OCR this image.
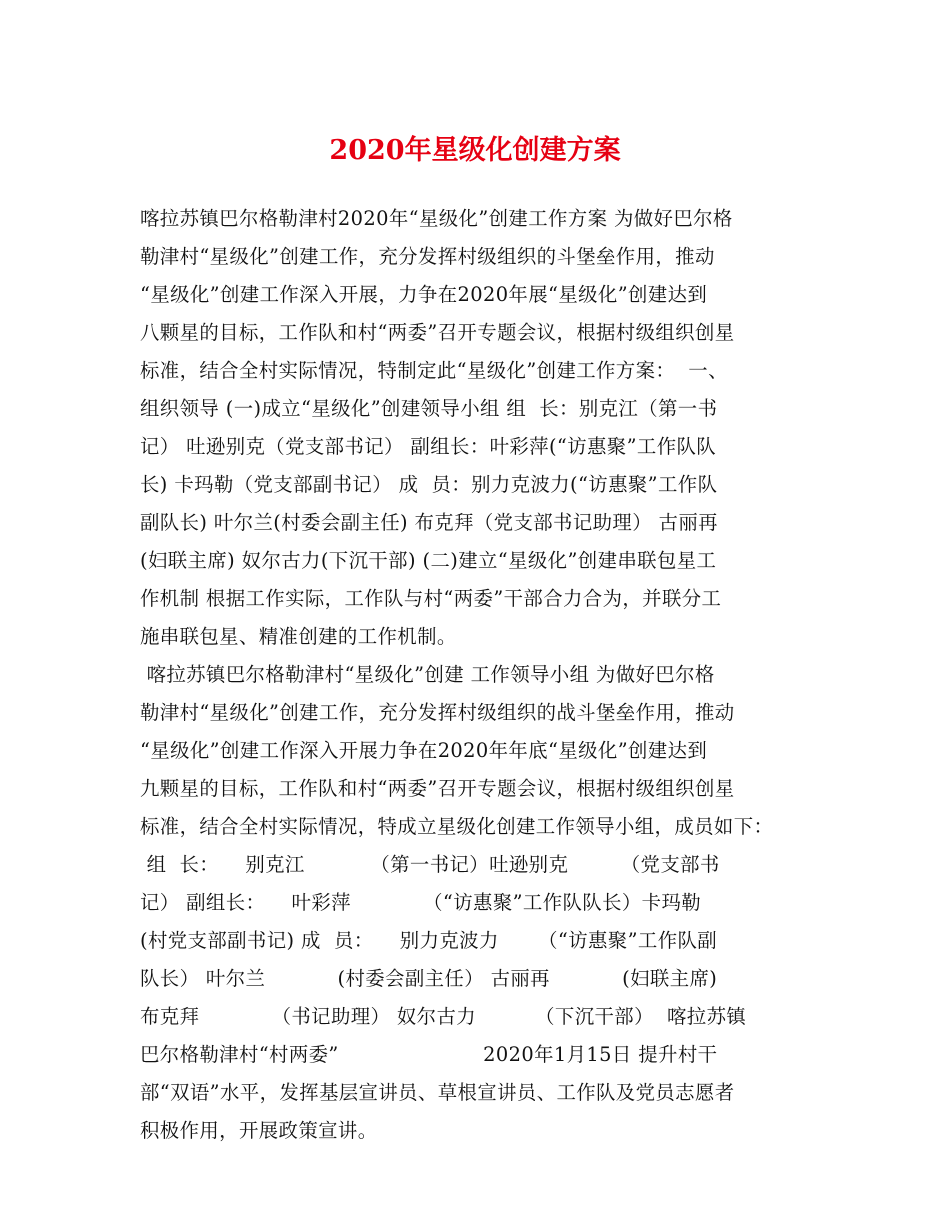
2020年星级化创建方案
喀拉苏镇巴尔格勒津村2020年“星级化”创建工作方案 为做好巴尔格
勒津村“星级化”创建工作，充分发挥村级组织的斗堡垒作用，推动
“星级化”创建工作深入开展，力争在2020年展“星级化”创建达到
八颗星的目标，工作队和村“两委”召开专题会议，根据村级组织创星
标准，结合全村实际情况，特制定此“星级化”创建工作方案：  一、
组织领导 (一)成立“星级化”创建领导小组 组  长：别克江（第一书
记） 吐逊别克（党支部书记） 副组长：叶彩萍(“访惠聚”工作队队
长) 卡玛勒（党支部副书记） 成  员：别力克波力(“访惠聚”工作队
副队长) 叶尔兰(村委会副主任) 布克拜（党支部书记助理） 古丽再
(妇联主席) 奴尔古力(下沉干部) (二)建立“星级化”创建串联包星工
作机制 根据工作实际，工作队与村“两委”干部合力合为，并联分工
施串联包星、精准创建的工作机制。
喀拉苏镇巴尔格勒津村“星级化”创建 工作领导小组 为做好巴尔格
勒津村“星级化”创建工作，充分发挥村级组织的战斗堡垒作用，推动
“星级化”创建工作深入开展力争在2020年年底“星级化”创建达到
九颗星的目标，工作队和村“两委”召开专题会议，根据村级组织创星
标准，结合全村实际情况，特成立星级化创建工作领导小组，成员如下：
组  长：    别克江          （第一书记）吐逊别克        （党支部书
记） 副组长：    叶彩萍           （“访惠聚”工作队队长）卡玛勒
(村党支部副书记) 成  员：    别力克波力      （“访惠聚”工作队副
队长） 叶尔兰           (村委会副主任） 古丽再           (妇联主席)
布克拜           （书记助理） 奴尔古力         （下沉干部）  喀拉苏镇
巴尔格勒津村“村两委”                      2020年1月15日 提升村干
部“双语”水平，发挥基层宣讲员、草根宣讲员、工作队及党员志愿者
积极作用，开展政策宣讲。
